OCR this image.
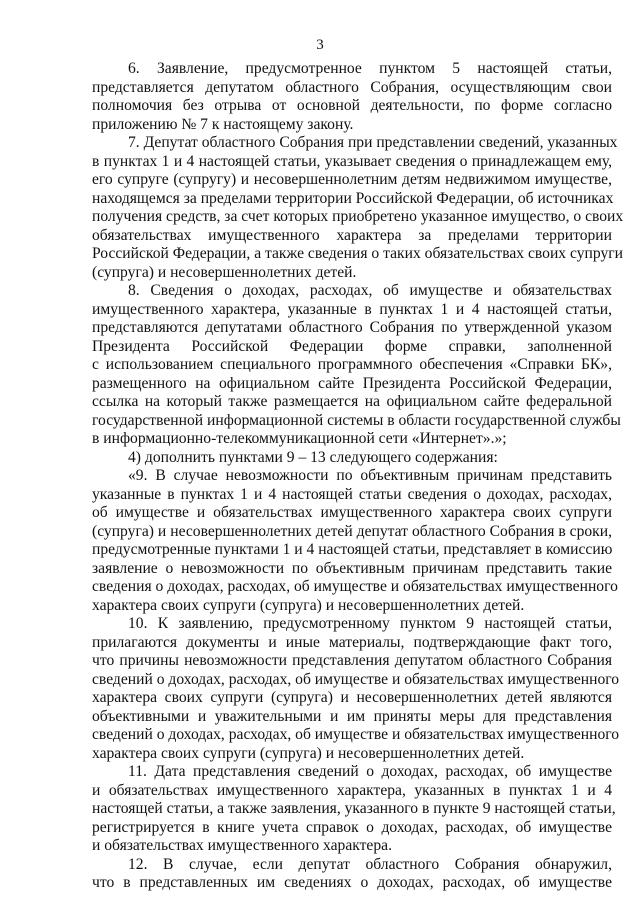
3
6. Заявление, предусмотренное пунктом 5 настоящей статьи,
представляется депутатом областного Собрания, осуществляющим свои
полномочия без отрыва от основной деятельности, по форме согласно
приложению № 7 к настоящему закону.
7. Депутат областного Собрания при представлении сведений, указанных
в пунктах 1 и 4 настоящей статьи, указывает сведения о принадлежащем ему,
его супруге (супругу) и несовершеннолетним детям недвижимом имуществе,
находящемся за пределами территории Российской Федерации, об источниках
получения средств, за счет которых приобретено указанное имущество, о своих
обязательствах имущественного характера за пределами территории
Российской Федерации, а также сведения о таких обязательствах своих супруги
(супруга) и несовершеннолетних детей.
8. Сведения о доходах, расходах, об имуществе и обязательствах
имущественного характера, указанные в пунктах 1 и 4 настоящей статьи,
представляются депутатами областного Собрания по утвержденной указом
Президента Российской Федерации форме справки, заполненной
с использованием специального программного обеспечения «Справки БК»,
размещенного на официальном сайте Президента Российской Федерации,
ссылка на который также размещается на официальном сайте федеральной
государственной информационной системы в области государственной службы
в информационно-телекоммуникационной сети «Интернет».»;
4) дополнить пунктами 9 – 13 следующего содержания:
«9. В случае невозможности по объективным причинам представить
указанные в пунктах 1 и 4 настоящей статьи сведения о доходах, расходах,
об имуществе и обязательствах имущественного характера своих супруги
(супруга) и несовершеннолетних детей депутат областного Собрания в сроки,
предусмотренные пунктами 1 и 4 настоящей статьи, представляет в комиссию
заявление о невозможности по объективным причинам представить такие
сведения о доходах, расходах, об имуществе и обязательствах имущественного
характера своих супруги (супруга) и несовершеннолетних детей.
10. К заявлению, предусмотренному пунктом 9 настоящей статьи,
прилагаются документы и иные материалы, подтверждающие факт того,
что причины невозможности представления депутатом областного Собрания
сведений о доходах, расходах, об имуществе и обязательствах имущественного
характера своих супруги (супруга) и несовершеннолетних детей являются
объективными и уважительными и им приняты меры для представления
сведений о доходах, расходах, об имуществе и обязательствах имущественного
характера своих супруги (супруга) и несовершеннолетних детей.
11. Дата представления сведений о доходах, расходах, об имуществе
и обязательствах имущественного характера, указанных в пунктах 1 и 4
настоящей статьи, а также заявления, указанного в пункте 9 настоящей статьи,
регистрируется в книге учета справок о доходах, расходах, об имуществе
и обязательствах имущественного характера.
12. В случае, если депутат областного Собрания обнаружил,
что в представленных им сведениях о доходах, расходах, об имуществе
